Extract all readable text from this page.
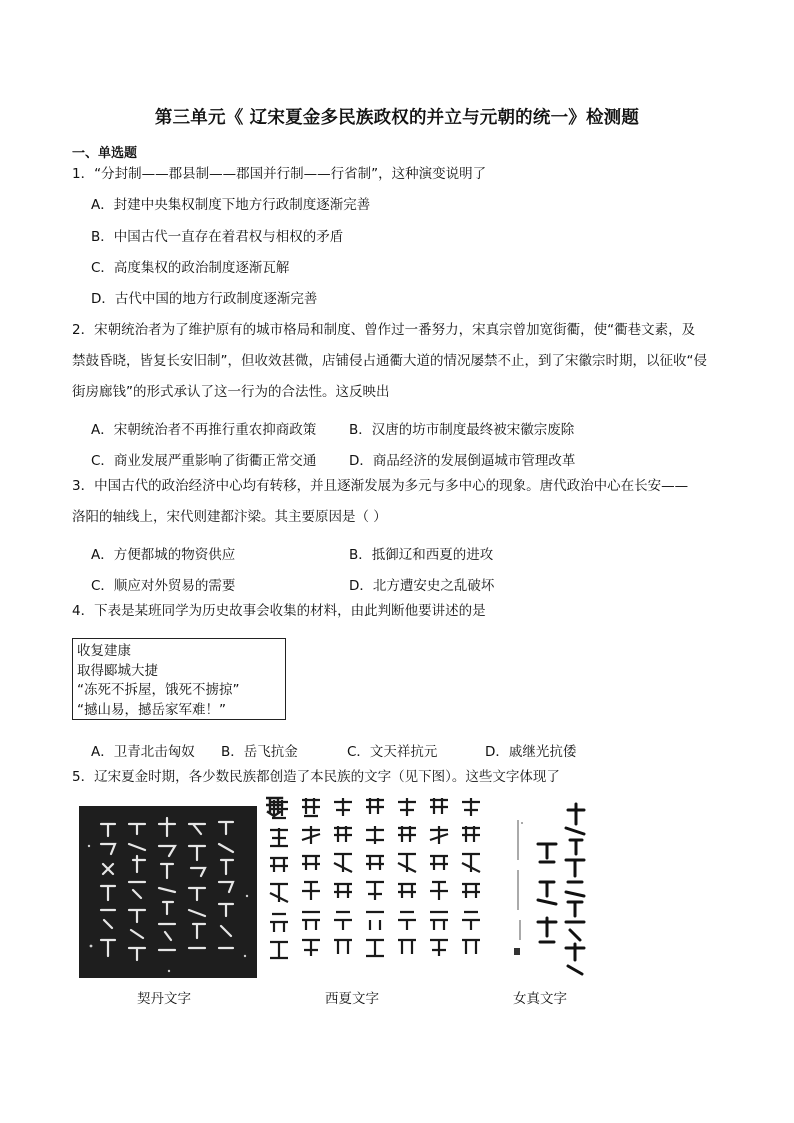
第三单元《 辽宋夏金多民族政权的并立与元朝的统一》检测题
一、单选题
1．“分封制——郡县制——郡国并行制——行省制”，这种演变说明了
A．封建中央集权制度下地方行政制度逐渐完善
B．中国古代一直存在着君权与相权的矛盾
C．高度集权的政治制度逐渐瓦解
D．古代中国的地方行政制度逐渐完善
2．宋朝统治者为了维护原有的城市格局和制度、曾作过一番努力，宋真宗曾加宽街衢，使“衢巷文素，及
禁鼓昏晓，皆复长安旧制”，但收效甚微，店铺侵占通衢大道的情况屡禁不止，到了宋徽宗时期，以征收“侵
街房廊钱”的形式承认了这一行为的合法性。这反映出
A．宋朝统治者不再推行重农抑商政策 B．汉唐的坊市制度最终被宋徽宗废除
C．商业发展严重影响了街衢正常交通 D．商品经济的发展倒逼城市管理改革
3．中国古代的政治经济中心均有转移，并且逐渐发展为多元与多中心的现象。唐代政治中心在长安——
洛阳的轴线上，宋代则建都汴梁。其主要原因是（ ）
A．方便都城的物资供应	B．抵御辽和西夏的进攻
C．顺应对外贸易的需要	D．北方遭安史之乱破坏
4．下表是某班同学为历史故事会收集的材料，由此判断他要讲述的是
收复建康
取得郾城大捷
“冻死不拆屋，饿死不掳掠”
“撼山易，撼岳家军难！”
A．卫青北击匈奴 B．岳飞抗金	C．文天祥抗元	D．戚继光抗倭
5．辽宋夏金时期，各少数民族都创造了本民族的文字（见下图）。这些文字体现了
契丹文字	西夏文字	女真文字
